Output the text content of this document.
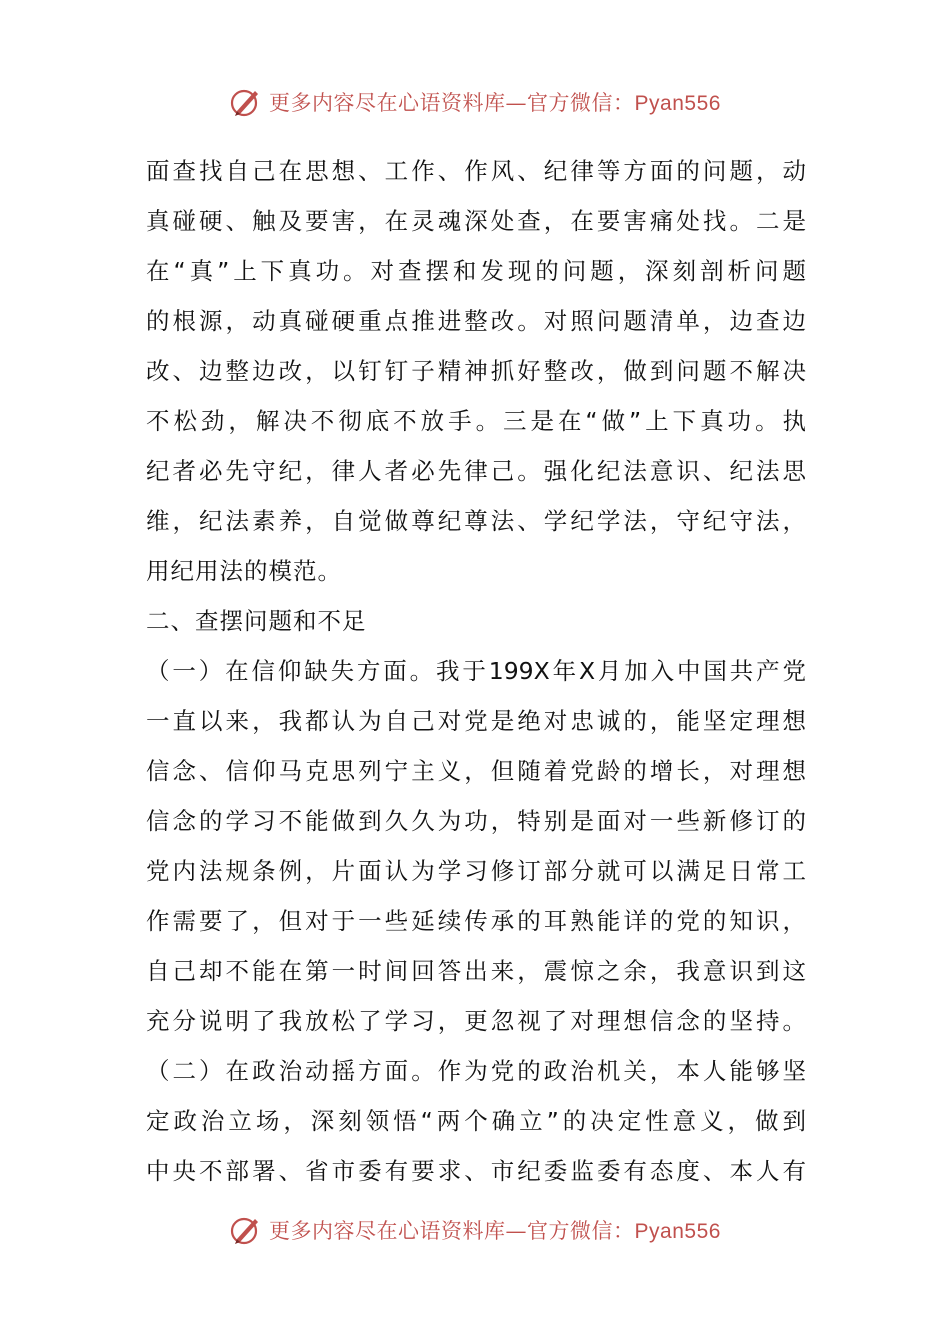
更多内容尽在心语资料库—官方微信：Pyan556
面查找自己在思想、工作、作风、纪律等方面的问题，动
真碰硬、触及要害，在灵魂深处查，在要害痛处找。二是
在“真”上下真功。对查摆和发现的问题，深刻剖析问题
的根源，动真碰硬重点推进整改。对照问题清单，边查边
改、边整边改，以钉钉子精神抓好整改，做到问题不解决
不松劲，解决不彻底不放手。三是在“做”上下真功。执
纪者必先守纪，律人者必先律己。强化纪法意识、纪法思
维，纪法素养，自觉做尊纪尊法、学纪学法，守纪守法，
用纪用法的模范。
二、查摆问题和不足
（一）在信仰缺失方面。我于199X年X月加入中国共产党
一直以来，我都认为自己对党是绝对忠诚的，能坚定理想
信念、信仰马克思列宁主义，但随着党龄的增长，对理想
信念的学习不能做到久久为功，特别是面对一些新修订的
党内法规条例，片面认为学习修订部分就可以满足日常工
作需要了，但对于一些延续传承的耳熟能详的党的知识，
自己却不能在第一时间回答出来，震惊之余，我意识到这
充分说明了我放松了学习，更忽视了对理想信念的坚持。
（二）在政治动摇方面。作为党的政治机关，本人能够坚
定政治立场，深刻领悟“两个确立”的决定性意义，做到
中央不部署、省市委有要求、市纪委监委有态度、本人有
更多内容尽在心语资料库—官方微信：Pyan556
